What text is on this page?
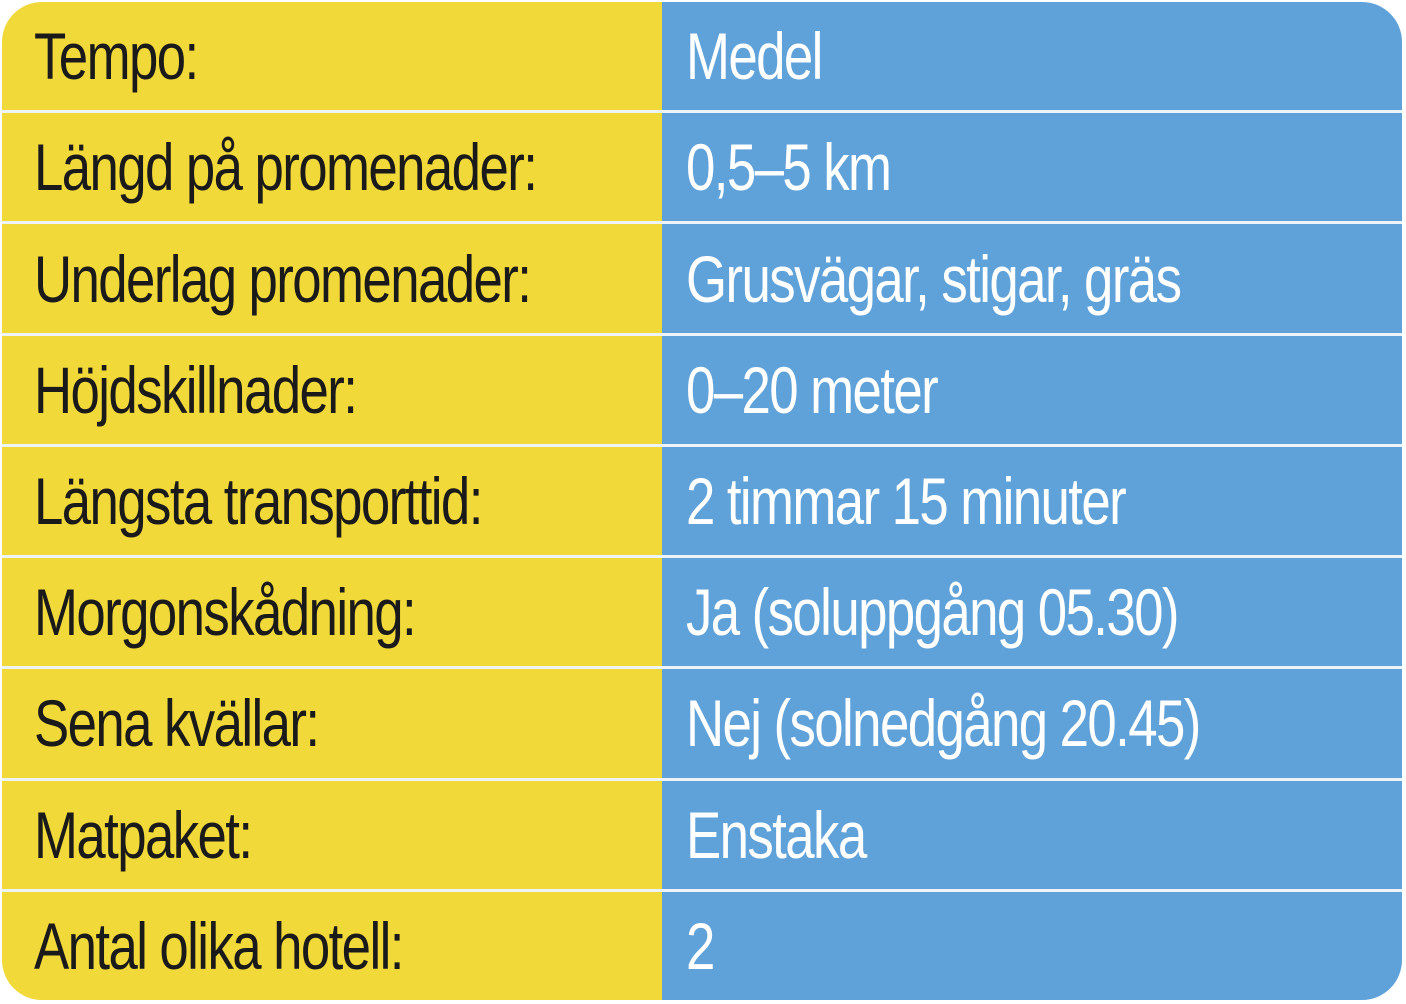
Tempo:	Medel
Längd på promenader: 0,5–5 km
Underlag promenader: Grusvägar, stigar, gräs
Höjdskillnader:	0–20 meter
Längsta transporttid:	2 timmar 15 minuter
Morgonskådning:	Ja (soluppgång 05.30)
Sena kvällar:	Nej (solnedgång 20.45)
Matpaket:	Enstaka
Antal olika hotell:	2
